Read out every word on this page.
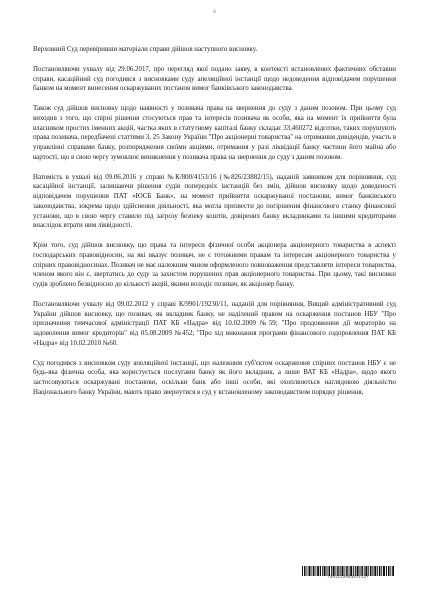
6

Верховний Суд перевіривши матеріали справи дійшов наступного висновку.

Постановляючи ухвалу від 29.06.2017, про перегляд якої подано заяву, в контексті встановлених фактичних обставин справи, касаційний суд погодився з висновками суду апеляційної інстанції щодо недоведення відповідачем порушення банком на момент винесення оскаржуваних постанов вимог банківського законодавства.

Також суд дійшов висновку щодо наявності у позивача права на звернення до суду з даним позовом. При цьому суд виходив з того, що спірні рішення стосуються прав та інтересів позивача як особи, яка на момент їх прийняття була власником простих іменних акцій, частка яких в статутному капіталі банку складає 33,460272 відсотки, таких порушують права позивача, передбачені статтями 3, 25 Закону України "Про акціонерні товариства" на отримання дивідендів, участь в управлінні справами банку, розпорядження своїми акціями, отримання у разі ліквідації банку частини його майна або вартості, що в свою чергу зумовлює виникнення у позивача права на звернення до суду з даним позовом.

Натомість в ухвалі від 09.06.2016 у справі №К/800/4153/16 (№826/23882/15), наданій заявником для порівняння, суд касаційної інстанції, залишаючи рішення судів попередніх інстанцій без змін, дійшов висновку щодо доведеності відповідачем порушення ПАТ «ЮСБ Банк», на момент прийняття оскаржуваної постанови, вимог банківського законодавства, зокрема щодо здійснення діяльності, яка могла призвести до погіршення фінансового станку фінансової установи, що в свою чергу ставило під загрозу безпеку коштів, довірених банку вкладниками та іншими кредиторами внаслідок втрати ним ліквідності.

Крім того, суд дійшов висновку, що права та інтереси фізичної особи акціонера акціонерного товариства в аспекті господарських правовідносин, на які вказує позивач, не є тотожними правам та інтересам акціонерного товариства у спірних правовідносинах. Позивач не має належним чином оформленого повноваження представляти інтереси товариства, членом якого він є, звертатись до суду за захистом порушених прав акціонерного товариства. При цьому, такі висновки судів зроблено безвідносно до кількості акцій, якими володіє позивач, як акціонер банку.

Постановляючи ухвалу від 09.02.2012 у справі К/9901/19230/11, наданій для порівняння, Вищий адміністративний суд України дійшов висновку, що позивач, як вкладник банку, не наділений правом на оскарження постанов НБУ "Про призначення тимчасової адміністрації ПАТ КБ «Надра» від 10.02.2009 №59; "Про продовження дії мораторію на задоволення вимог кредиторів" від 05.08.2009 №452; "Про хід виконання програми фінансового оздоровлення ПАТ КБ «Надра» від 10.02.2010 №60.

Суд погодився з висновком суду апеляційної інстанції, що належним суб'єктом оскарження спірних постанов НБУ є не будь-яка фізична особа, яка користується послугами банку як його вкладник, а лише ВАТ КБ «Надра», щодо якого застосовуються оскаржувані постанови, оскільки банк або інші особи, які охоплюються наглядовою діяльністю Національного банку України, мають право звернутися в суд у встановленому законодавством порядку рішення,

*30112208361112*
